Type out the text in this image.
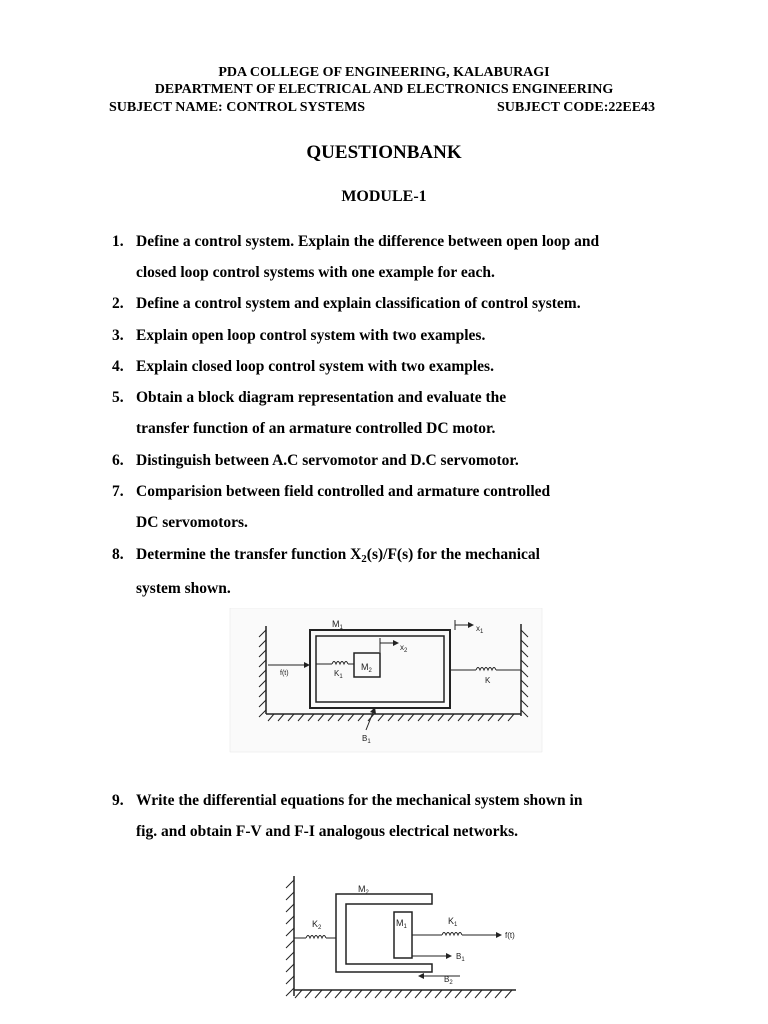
PDA COLLEGE OF ENGINEERING, KALABURAGI
DEPARTMENT OF ELECTRICAL AND ELECTRONICS ENGINEERING
SUBJECT NAME: CONTROL SYSTEMS	SUBJECT CODE:22EE43
QUESTIONBANK
MODULE-1
1. Define a control system. Explain the difference between open loop and
closed loop control systems with one example for each.
2. Define a control system and explain classification of control system.
3. Explain open loop control system with two examples.
4. Explain closed loop control system with two examples.
5. Obtain a block diagram representation and evaluate the
transfer function of an armature controlled DC motor.
6. Distinguish between A.C servomotor and D.C servomotor.
7. Comparision between field controlled and armature controlled
DC servomotors.
8. Determine the transfer function $X_2(s)/F(s)$ for the mechanical
system shown.
$M_1$
$M_2$
$x_1$
$x_2$
$K_1$	K
f(t)
$B_1$
9. Write the differential equations for the mechanical system shown in
fig. and obtain F-V and F-I analogous electrical networks.
$M_2$
$M_1$
$K_2$
$K_1$
$B_1$
$B_2$
f(t)
